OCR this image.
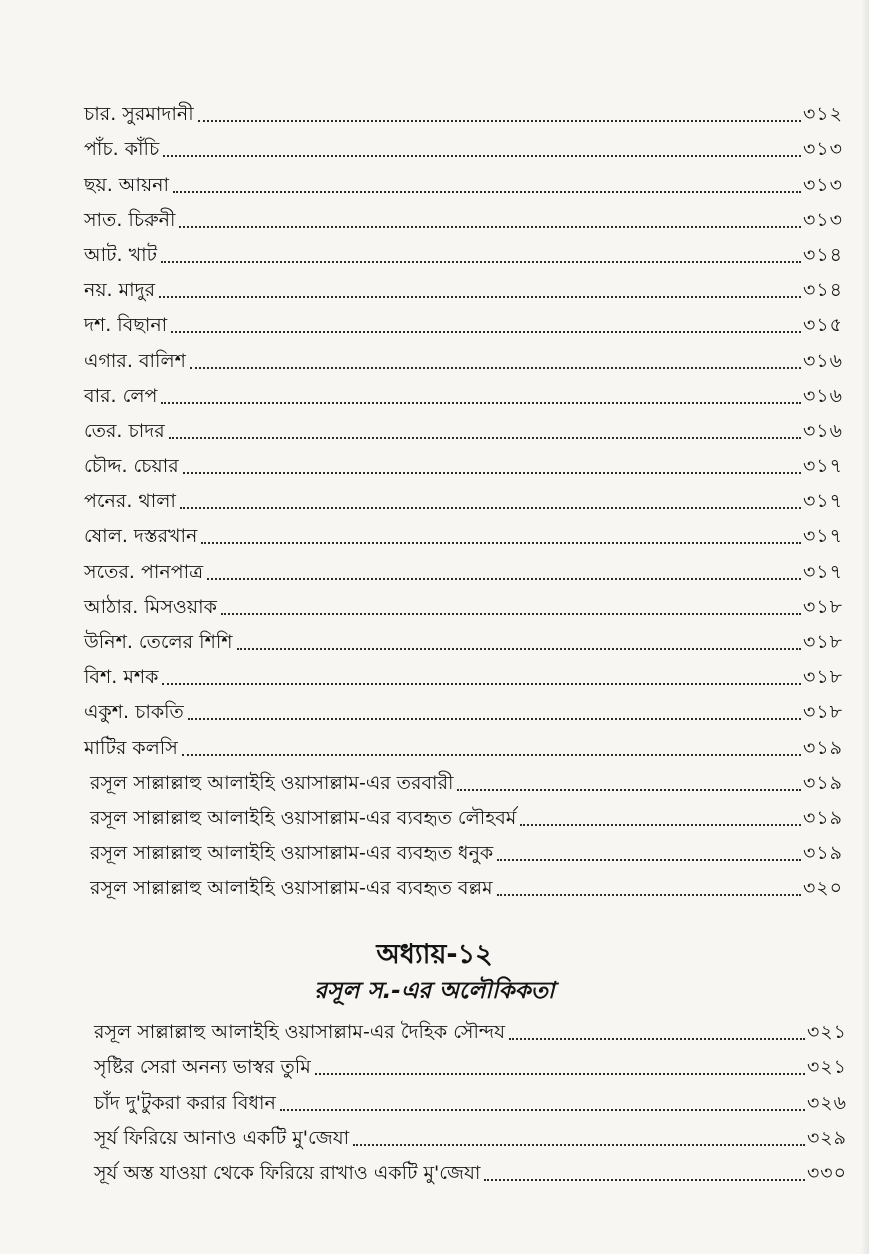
চার. সুরমাদানী	৩১২
পাঁচ. কাঁচি	৩১৩
ছয়. আয়না	৩১৩
সাত. চিরুনী	৩১৩
আট. খাট	৩১৪
নয়. মাদুর	৩১৪
দশ. বিছানা	৩১৫
এগার. বালিশ	৩১৬
বার. লেপ	৩১৬
তের. চাদর	৩১৬
চৌদ্দ. চেয়ার	৩১৭
পনের. থালা	৩১৭
ষোল. দস্তরখান	৩১৭
সতের. পানপাত্র	৩১৭
আঠার. মিসওয়াক	৩১৮
উনিশ. তেলের শিশি	৩১৮
বিশ. মশক	৩১৮
একুশ. চাকতি	৩১৮
মাটির কলসি	৩১৯
রসূল সাল্লাল্লাহু আলাইহি ওয়াসাল্লাম-এর তরবারী	৩১৯
রসূল সাল্লাল্লাহু আলাইহি ওয়াসাল্লাম-এর ব্যবহৃত লৌহবর্ম	৩১৯
রসূল সাল্লাল্লাহু আলাইহি ওয়াসাল্লাম-এর ব্যবহৃত ধনুক	৩১৯
রসূল সাল্লাল্লাহু আলাইহি ওয়াসাল্লাম-এর ব্যবহৃত বল্লম	৩২০
অধ্যায়-১২
রসূল স.-এর অলৌকিকতা
রসূল সাল্লাল্লাহু আলাইহি ওয়াসাল্লাম-এর দৈহিক সৌন্দয	৩২১
সৃষ্টির সেরা অনন্য ভাস্বর তুমি	৩২১
চাঁদ দু'টুকরা করার বিধান	৩২৬
সূর্য ফিরিয়ে আনাও একটি মু'জেযা	৩২৯
সূর্য অস্ত যাওয়া থেকে ফিরিয়ে রাখাও একটি মু'জেযা	৩৩০
